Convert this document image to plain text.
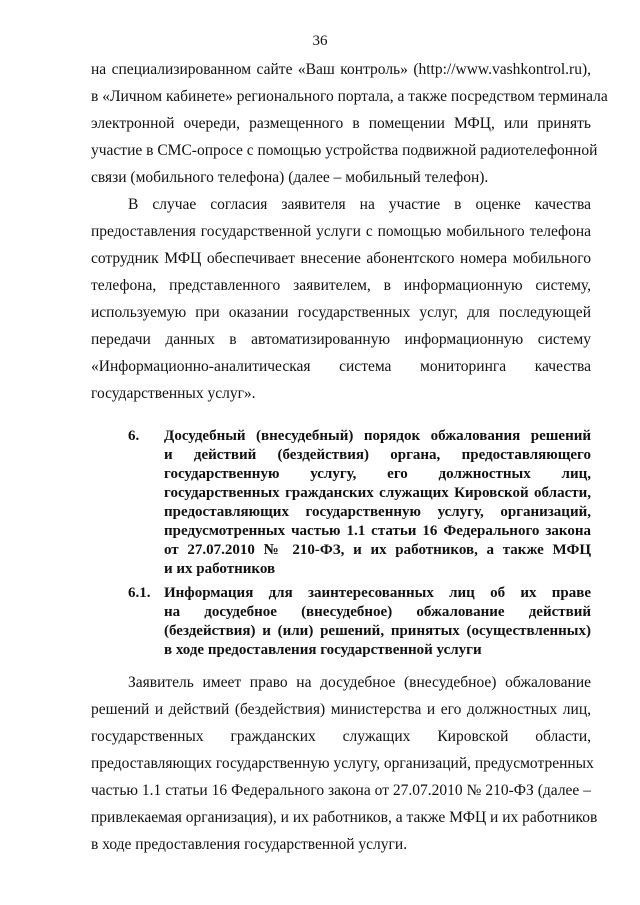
36
на специализированном сайте «Ваш контроль» (http://www.vashkontrol.ru),
в «Личном кабинете» регионального портала, а также посредством терминала
электронной очереди, размещенного в помещении МФЦ, или принять
участие в СМС-опросе с помощью устройства подвижной радиотелефонной
связи (мобильного телефона) (далее – мобильный телефон).
В случае согласия заявителя на участие в оценке качества
предоставления государственной услуги с помощью мобильного телефона
сотрудник МФЦ обеспечивает внесение абонентского номера мобильного
телефона, представленного заявителем, в информационную систему,
используемую при оказании государственных услуг, для последующей
передачи данных в автоматизированную информационную систему
«Информационно-аналитическая система мониторинга качества
государственных услуг».
6. Досудебный (внесудебный) порядок обжалования решений
и действий (бездействия) органа, предоставляющего
государственную услугу, его должностных лиц,
государственных гражданских служащих Кировской области,
предоставляющих государственную услугу, организаций,
предусмотренных частью 1.1 статьи 16 Федерального закона
от 27.07.2010 № 210-ФЗ, и их работников, а также МФЦ
и их работников
6.1. Информация для заинтересованных лиц об их праве
на досудебное (внесудебное) обжалование действий
(бездействия) и (или) решений, принятых (осуществленных)
в ходе предоставления государственной услуги
Заявитель имеет право на досудебное (внесудебное) обжалование
решений и действий (бездействия) министерства и его должностных лиц,
государственных гражданских служащих Кировской области,
предоставляющих государственную услугу, организаций, предусмотренных
частью 1.1 статьи 16 Федерального закона от 27.07.2010 № 210-ФЗ (далее –
привлекаемая организация), и их работников, а также МФЦ и их работников
в ходе предоставления государственной услуги.
